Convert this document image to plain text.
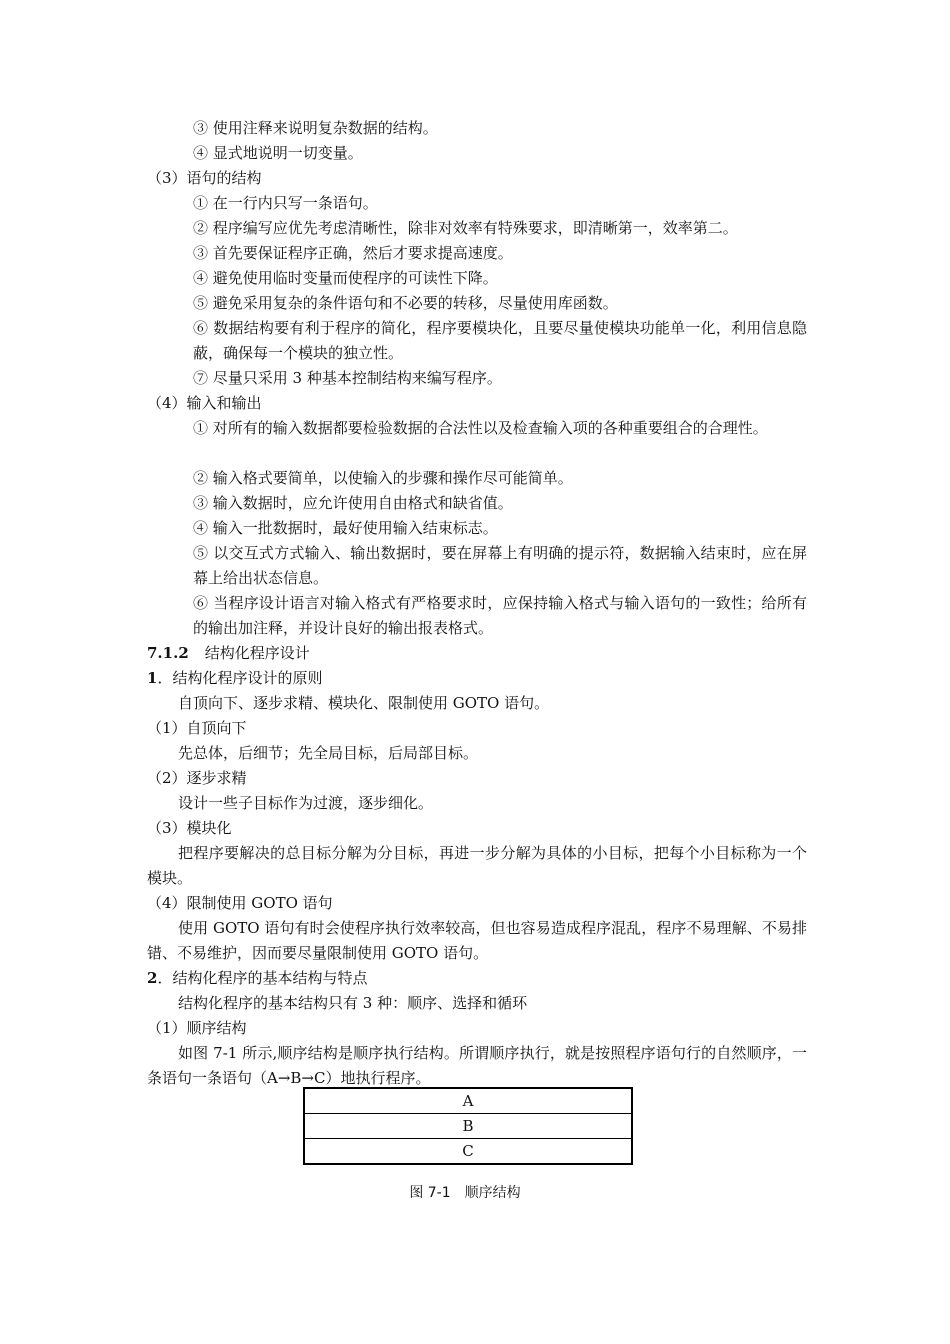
③ 使用注释来说明复杂数据的结构。
④ 显式地说明一切变量。
（3）语句的结构
① 在一行内只写一条语句。
② 程序编写应优先考虑清晰性，除非对效率有特殊要求，即清晰第一，效率第二。
③ 首先要保证程序正确，然后才要求提高速度。
④ 避免使用临时变量而使程序的可读性下降。
⑤ 避免采用复杂的条件语句和不必要的转移，尽量使用库函数。
⑥ 数据结构要有利于程序的简化，程序要模块化，且要尽量使模块功能单一化，利用信息隐蔽，确保每一个模块的独立性。
⑦ 尽量只采用 3 种基本控制结构来编写程序。
（4）输入和输出
① 对所有的输入数据都要检验数据的合法性以及检查输入项的各种重要组合的合理性。
② 输入格式要简单，以使输入的步骤和操作尽可能简单。
③ 输入数据时，应允许使用自由格式和缺省值。
④ 输入一批数据时，最好使用输入结束标志。
⑤ 以交互式方式输入、输出数据时，要在屏幕上有明确的提示符，数据输入结束时，应在屏幕上给出状态信息。
⑥ 当程序设计语言对输入格式有严格要求时，应保持输入格式与输入语句的一致性；给所有的输出加注释，并设计良好的输出报表格式。
7.1.2 结构化程序设计
1．结构化程序设计的原则
自顶向下、逐步求精、模块化、限制使用 GOTO 语句。
（1）自顶向下
先总体，后细节；先全局目标，后局部目标。
（2）逐步求精
设计一些子目标作为过渡，逐步细化。
（3）模块化
把程序要解决的总目标分解为分目标，再进一步分解为具体的小目标，把每个小目标称为一个模块。
（4）限制使用 GOTO 语句
使用 GOTO 语句有时会使程序执行效率较高，但也容易造成程序混乱，程序不易理解、不易排错、不易维护，因而要尽量限制使用 GOTO 语句。
2．结构化程序的基本结构与特点
结构化程序的基本结构只有 3 种：顺序、选择和循环
（1）顺序结构
如图 7-1 所示,顺序结构是顺序执行结构。所谓顺序执行，就是按照程序语句行的自然顺序，一条语句一条语句（A→B→C）地执行程序。
A
B
C
图 7-1　顺序结构
